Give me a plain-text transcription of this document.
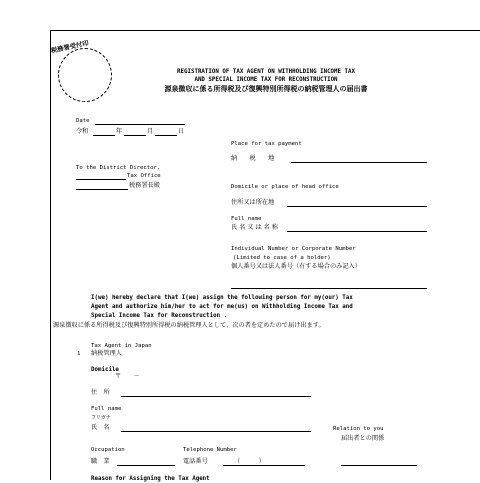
税務署受付印
REGISTRATION OF TAX AGENT ON WITHHOLDING INCOME TAX
AND SPECIAL INCOME TAX FOR RECONSTRUCTION
源泉徴収に係る所得税及び復興特別所得税の納税管理人の届出書
Date
令和	年	月	日
Place for tax payment
納　　税　　地
To the District Director,
Tax Office
税務署長殿	Domicile or place of head office
住所又は所在地
Full name
氏 名 又 は 名 称
Individual Number or Corporate Number
(Limited to case of a holder)
個人番号又は法人番号（有する場合のみ記入）
I(we) hereby declare that I(we) assign the following person for my(our) Tax
Agent and authorize him/her to act for me(us) on Withholding Income Tax and
Special Income Tax for Reconstruction .
源泉徴収に係る所得税及び復興特別所得税の納税管理人として、次の者を定めたので届け出ます。
Tax Agent in Japan
1 納税管理人
Domicile
〒　　－
住　所
Full name
フリガナ
氏　名	Relation to you
届出者との関係
Occupation
職　業
Telephone Number
電話番号	（　　　）
Reason for Assigning the Tax Agent
